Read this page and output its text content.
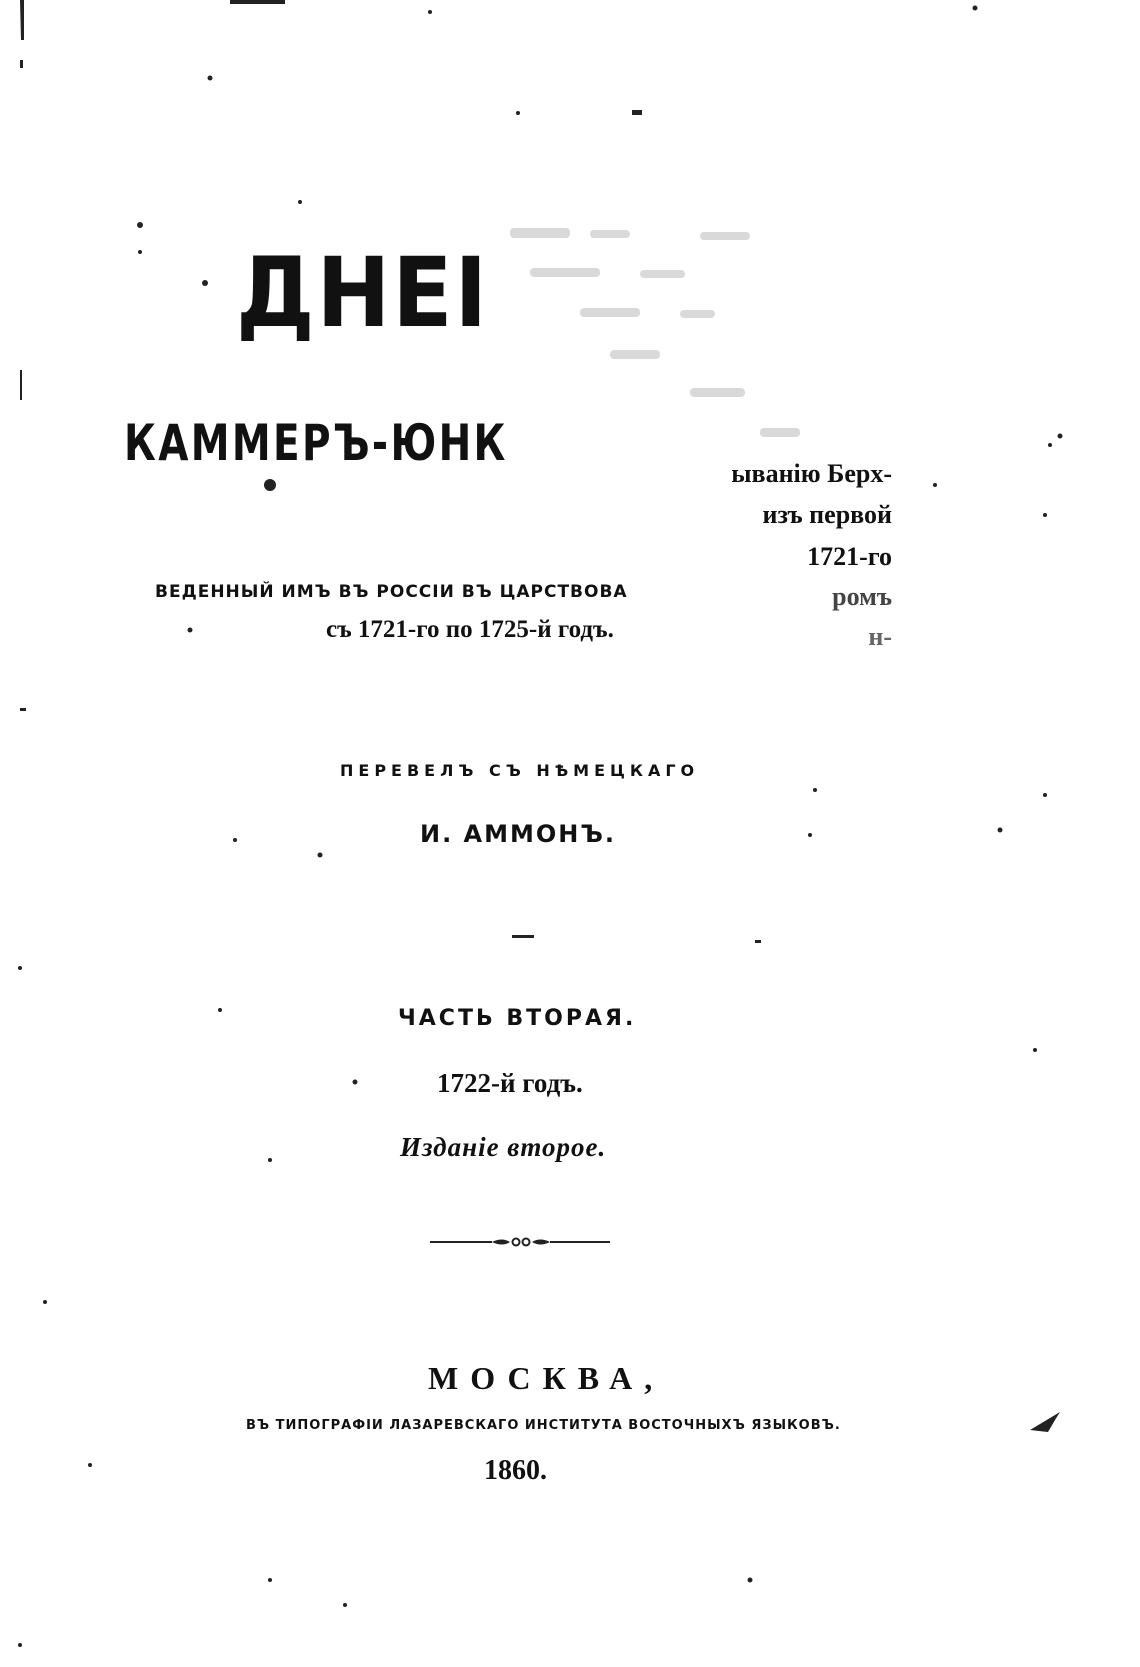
ДНЕІ
КАММЕРЪ-ЮНК

ВЕДЕННЫЙ ИМЪ ВЪ РОССІИ ВЪ ЦАРСТВОВА

съ 1721-го по 1725-й годъ.

ыванію Берх-

изъ первой

1721-го

ромъ

н-

ПЕРЕВЕЛЪ СЪ НѢМЕЦКАГО

И. АММОНЪ.

ЧАСТЬ ВТОРАЯ.

1722-й годъ.

Изданіе второе.

МОСКВА,

ВЪ ТИПОГРАФІИ ЛАЗАРЕВСКАГО ИНСТИТУТА ВОСТОЧНЫХЪ ЯЗЫКОВЪ.

1860.
